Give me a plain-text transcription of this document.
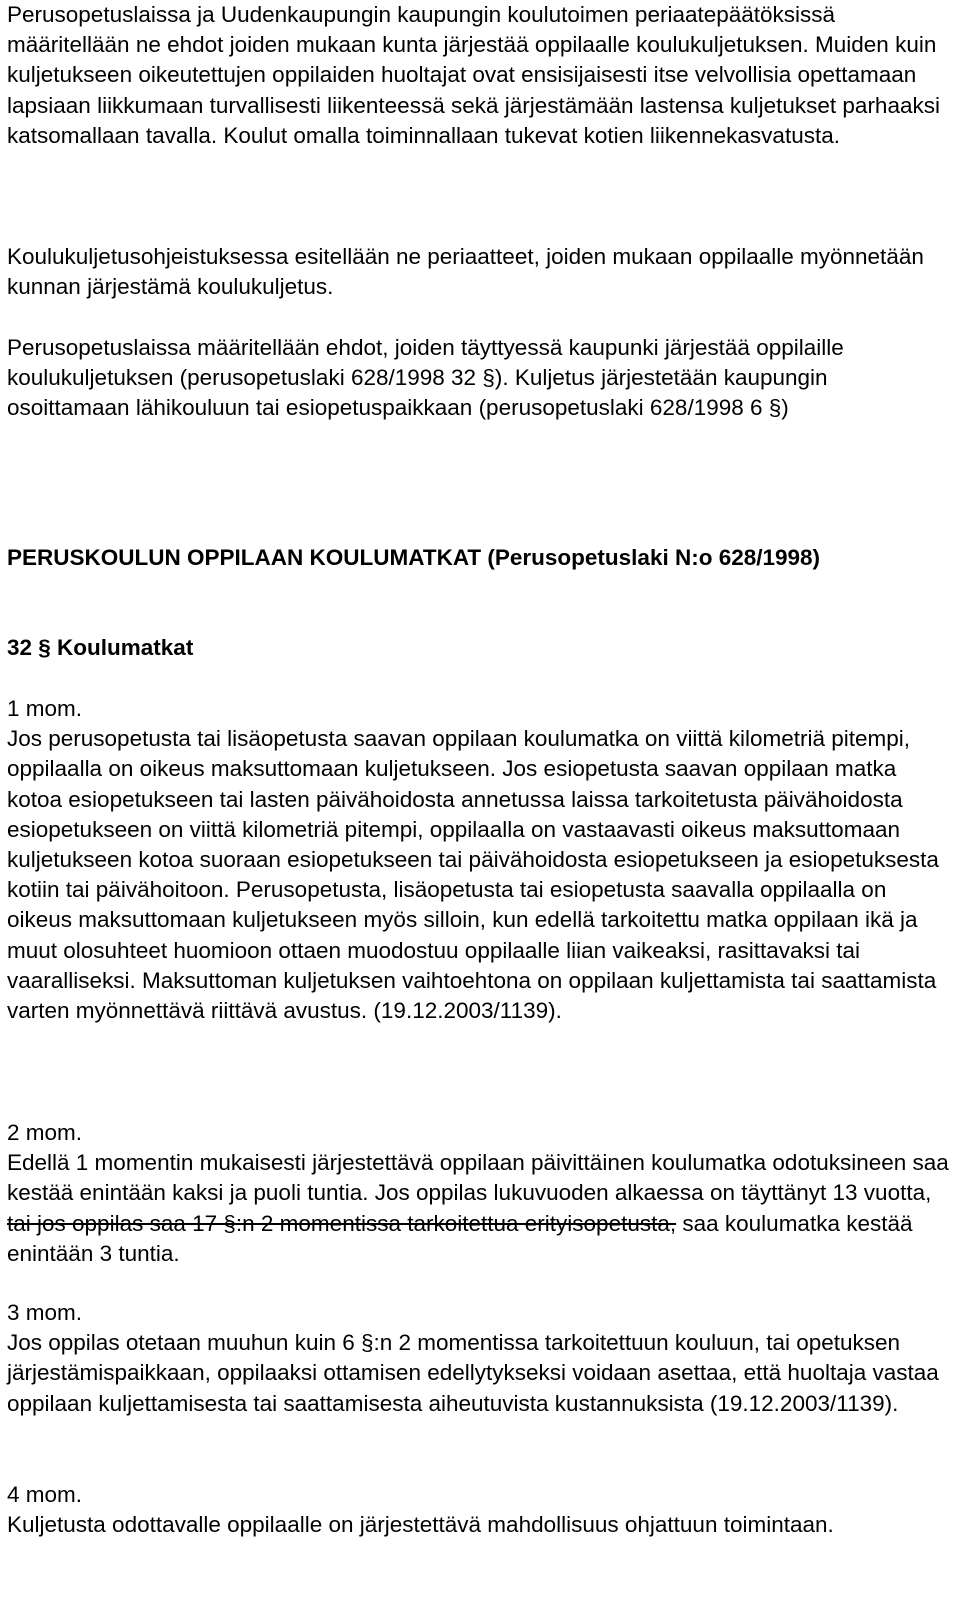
Perusopetuslaissa ja Uudenkaupungin kaupungin koulutoimen periaatepäätöksissä määritellään ne ehdot joiden mukaan kunta järjestää oppilaalle koulukuljetuksen. Muiden kuin kuljetukseen oikeutettujen oppilaiden huoltajat ovat ensisijaisesti itse velvollisia opettamaan lapsiaan liikkumaan turvallisesti liikenteessä sekä järjestämään lastensa kuljetukset parhaaksi katsomallaan tavalla. Koulut omalla toiminnallaan tukevat kotien liikennekasvatusta.

Koulukuljetusohjeistuksessa esitellään ne periaatteet, joiden mukaan oppilaalle myönnetään kunnan järjestämä koulukuljetus.

Perusopetuslaissa määritellään ehdot, joiden täyttyessä kaupunki järjestää oppilaille koulukuljetuksen (perusopetuslaki 628/1998 32 §). Kuljetus järjestetään kaupungin osoittamaan lähikouluun tai esiopetuspaikkaan (perusopetuslaki 628/1998 6 §)

PERUSKOULUN OPPILAAN KOULUMATKAT (Perusopetuslaki N:o 628/1998)
32 § Koulumatkat
1 mom.
Jos perusopetusta tai lisäopetusta saavan oppilaan koulumatka on viittä kilometriä pitempi, oppilaalla on oikeus maksuttomaan kuljetukseen. Jos esiopetusta saavan oppilaan matka kotoa esiopetukseen tai lasten päivähoidosta annetussa laissa tarkoitetusta päivähoidosta esiopetukseen on viittä kilometriä pitempi, oppilaalla on vastaavasti oikeus maksuttomaan kuljetukseen kotoa suoraan esiopetukseen tai päivähoidosta esiopetukseen ja esiopetuksesta kotiin tai päivähoitoon. Perusopetusta, lisäopetusta tai esiopetusta saavalla oppilaalla on oikeus maksuttomaan kuljetukseen myös silloin, kun edellä tarkoitettu matka oppilaan ikä ja muut olosuhteet huomioon ottaen muodostuu oppilaalle liian vaikeaksi, rasittavaksi tai vaaralliseksi. Maksuttoman kuljetuksen vaihtoehtona on oppilaan kuljettamista tai saattamista varten myönnettävä riittävä avustus. (19.12.2003/1139).
2 mom.
Edellä 1 momentin mukaisesti järjestettävä oppilaan päivittäinen koulumatka odotuksineen saa kestää enintään kaksi ja puoli tuntia. Jos oppilas lukuvuoden alkaessa on täyttänyt 13 vuotta, tai jos oppilas saa 17 §:n 2 momentissa tarkoitettua erityisopetusta, saa koulumatka kestää enintään 3 tuntia.
3 mom.
Jos oppilas otetaan muuhun kuin 6 §:n 2 momentissa tarkoitettuun kouluun, tai opetuksen järjestämispaikkaan, oppilaaksi ottamisen edellytykseksi voidaan asettaa, että huoltaja vastaa oppilaan kuljettamisesta tai saattamisesta aiheutuvista kustannuksista (19.12.2003/1139).
4 mom.
Kuljetusta odottavalle oppilaalle on järjestettävä mahdollisuus ohjattuun toimintaan.
